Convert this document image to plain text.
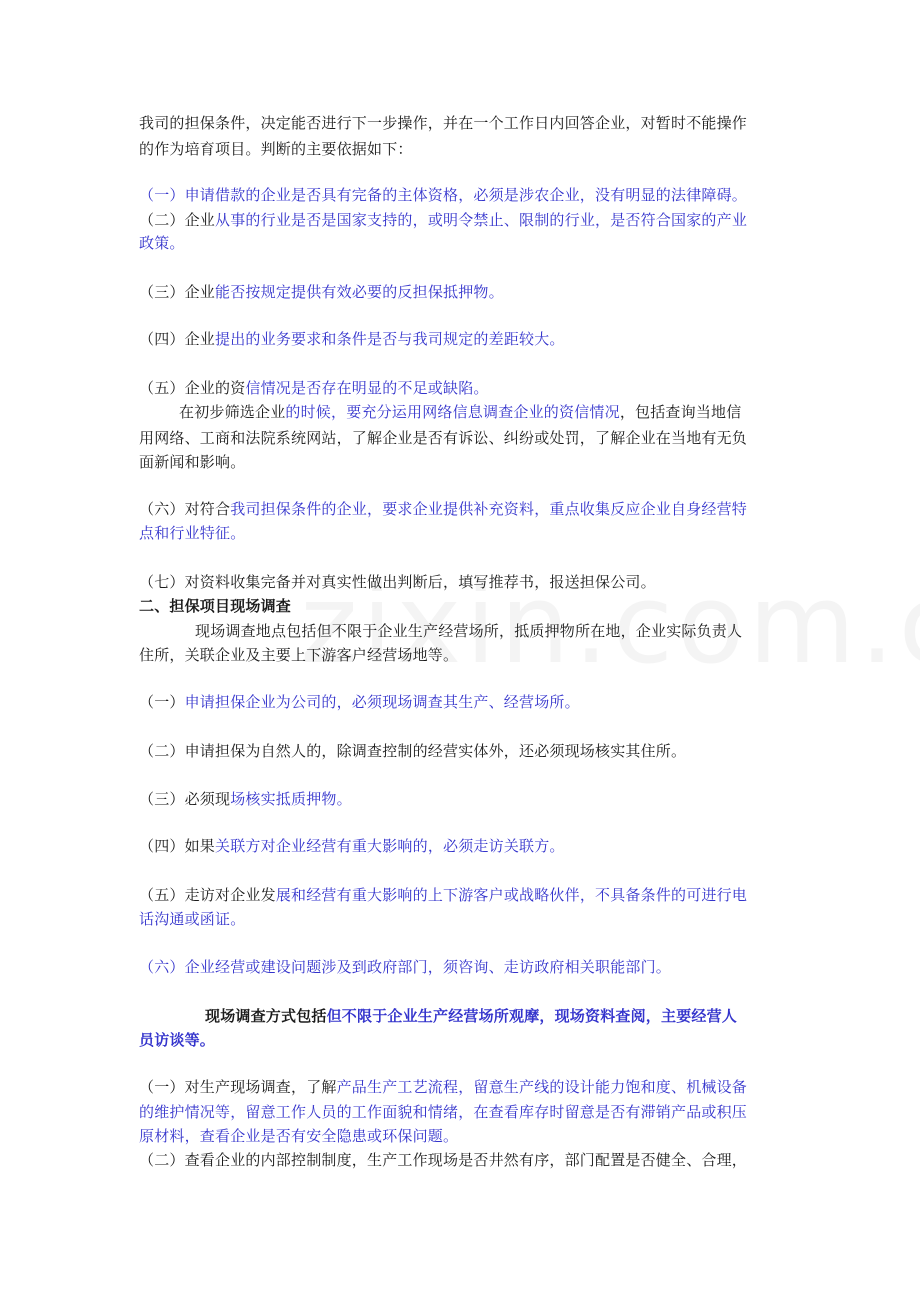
我司的担保条件，决定能否进行下一步操作，并在一个工作日内回答企业，对暂时不能操作
的作为培育项目。判断的主要依据如下：
（一）申请借款的企业是否具有完备的主体资格，必须是涉农企业，没有明显的法律障碍。
（二）企业从事的行业是否是国家支持的，或明令禁止、限制的行业，是否符合国家的产业
政策。
（三）企业能否按规定提供有效必要的反担保抵押物。
（四）企业提出的业务要求和条件是否与我司规定的差距较大。
（五）企业的资信情况是否存在明显的不足或缺陷。
在初步筛选企业的时候，要充分运用网络信息调查企业的资信情况，包括查询当地信
用网络、工商和法院系统网站，了解企业是否有诉讼、纠纷或处罚，了解企业在当地有无负
面新闻和影响。
（六）对符合我司担保条件的企业，要求企业提供补充资料，重点收集反应企业自身经营特
点和行业特征。
（七）对资料收集完备并对真实性做出判断后，填写推荐书，报送担保公司。
二、担保项目现场调查
现场调查地点包括但不限于企业生产经营场所，抵质押物所在地，企业实际负责人
住所，关联企业及主要上下游客户经营场地等。
（一）申请担保企业为公司的，必须现场调查其生产、经营场所。
（二）申请担保为自然人的，除调查控制的经营实体外，还必须现场核实其住所。
（三）必须现场核实抵质押物。
（四）如果关联方对企业经营有重大影响的，必须走访关联方。
（五）走访对企业发展和经营有重大影响的上下游客户或战略伙伴，不具备条件的可进行电
话沟通或函证。
（六）企业经营或建设问题涉及到政府部门，须咨询、走访政府相关职能部门。
现场调查方式包括但不限于企业生产经营场所观摩，现场资料查阅，主要经营人
员访谈等。
（一）对生产现场调查，了解产品生产工艺流程，留意生产线的设计能力饱和度、机械设备
的维护情况等，留意工作人员的工作面貌和情绪，在查看库存时留意是否有滞销产品或积压
原材料，查看企业是否有安全隐患或环保问题。
（二）查看企业的内部控制制度，生产工作现场是否井然有序，部门配置是否健全、合理，
